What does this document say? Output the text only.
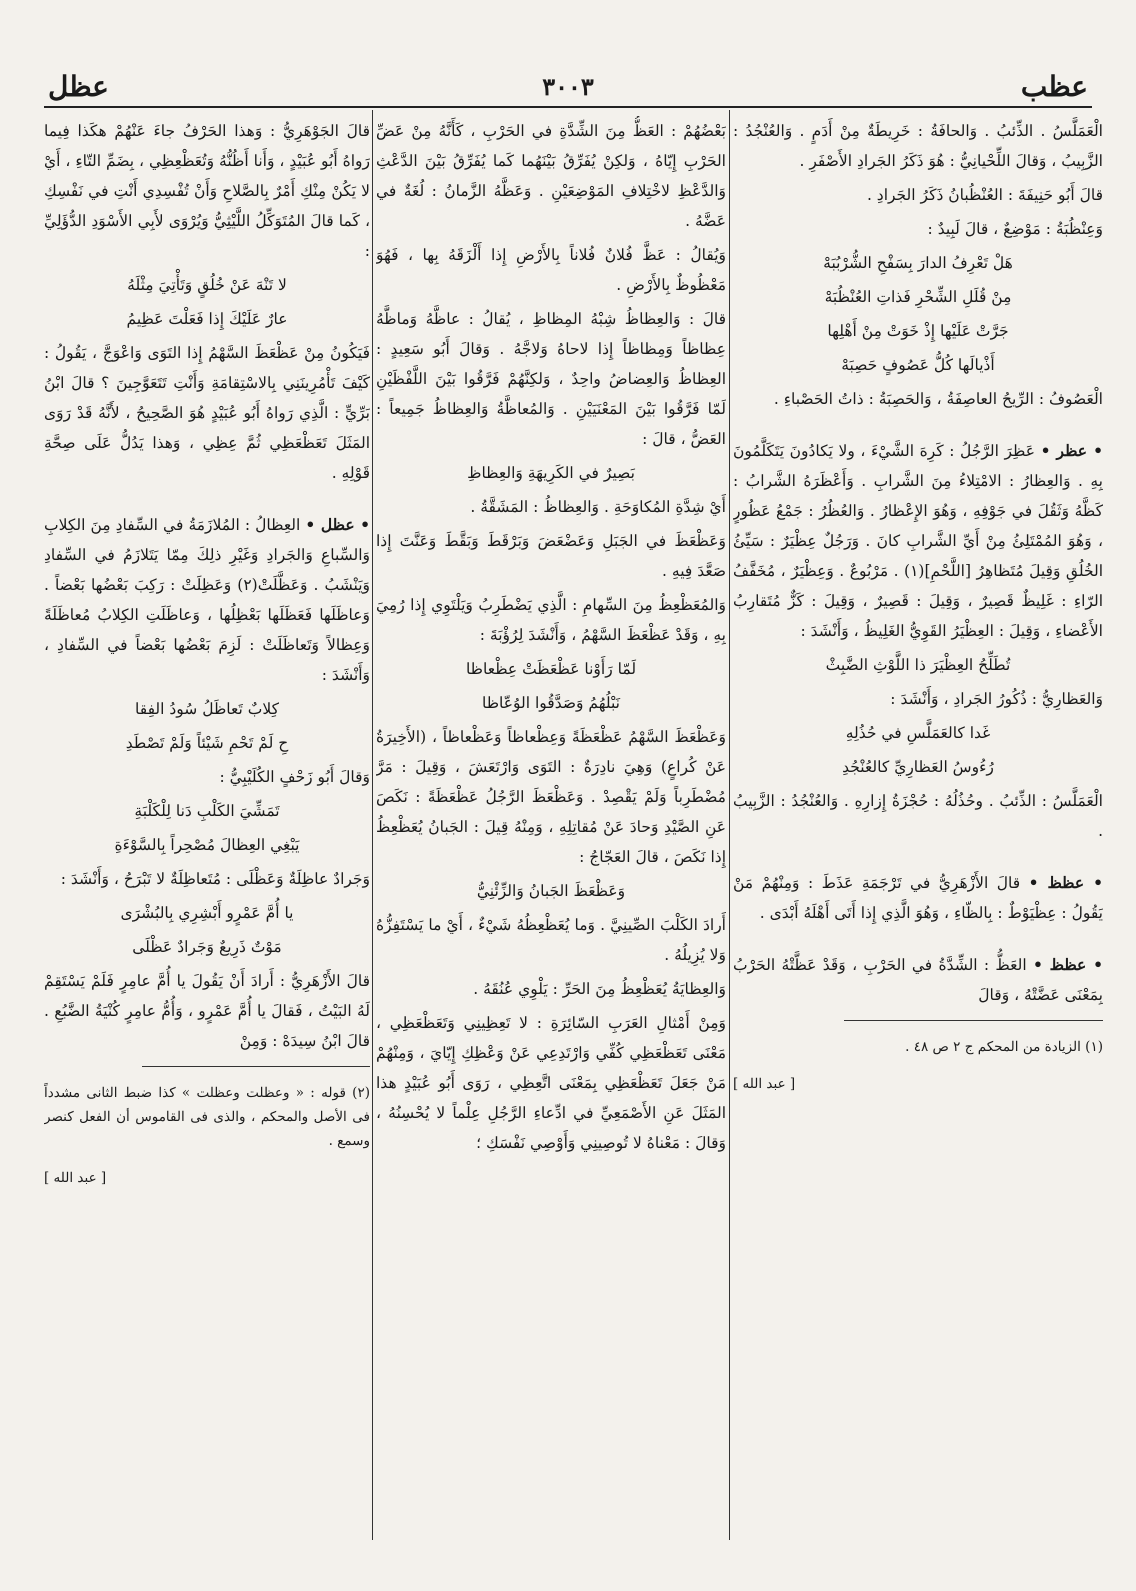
عظب
٣٠٠٣
عظل

الْعَمَلَّسُ . الذِّئبُ . وَالحافَةُ : خَرِيطَةٌ مِنْ أَدَمٍ . وَالعُنْجُدُ : الزَّبِيبُ ، وَقالَ اللِّحْيانِيُّ : هُوَ ذَكَرُ الجَرادِ الأَصْفَرِ .

قالَ أَبُو حَنِيفَةَ : العُنْظُبانُ ذَكَرُ الجَرادِ .

وَعِنْظُبَةُ : مَوْضِعٌ ، قالَ لَبِيدٌ :

هَلْ تَعْرِفُ الدارَ بِسَفْحِ الشُّرْبُبَهْ

مِنْ قُلَلِ الشِّحْرِ فَذاتِ العُنْظُبَهْ

جَرَّتْ عَلَيْها إِذْ خَوَتْ مِنْ أَهْلِها

أَذْيالَها كُلُّ عَصُوفٍ حَصِبَهْ

الْعَصُوفُ : الرِّيحُ العاصِفَةُ ، وَالحَصِبَةُ : ذاتُ الحَصْباءِ .

• عظر • عَظِرَ الرَّجُلُ : كَرِهَ الشَّيْءَ ، ولا يَكادُونَ يَتَكَلَّمُونَ بِهِ . وَالعِظارُ : الامْتِلاءُ مِنَ الشَّرابِ . وَأَعْظَرَهُ الشَّرابُ : كَظَّهُ وَثَقُلَ في جَوْفِهِ ، وَهُوَ الإِعْظارُ . وَالعُظُرُ : جَمْعُ عَظُورٍ ، وَهُوَ المُمْتَلِئُ مِنْ أَيِّ الشَّرابِ كانَ . وَرَجُلٌ عِظْيَرٌ : سَيِّئُ الخُلُقِ وَقِيلَ مُتَظاهِرُ [اللَّحْمِ](١) . مَرْبُوعٌ . وَعِظْيَرٌ ، مُخَفَّفُ الرّاءِ : غَلِيظٌ قَصِيرٌ ، وَقِيلَ : قَصِيرٌ ، وَقِيلَ : كَزٌّ مُتَقارِبُ الأَعْضاءِ ، وَقِيلَ : العِظْيَرُ القَوِيُّ الغَلِيظُ ، وَأَنْشَدَ :

تُطَلِّحُ العِظْيَرَ ذا اللَّوْثِ الضَّبِثْ

وَالعَظارِيُّ : ذُكُورُ الجَرادِ ، وَأَنْشَدَ :

غَدا كالعَمَلَّسِ في حُذُلِهِ

رُءُوسُ العَظارِيِّ كالعُنْجُدِ

الْعَمَلَّسُ : الذِّئبُ . وحُذُلُهُ : حُجْزَةُ إِزارِهِ . وَالعُنْجُدُ : الزَّبِيبُ .

• عظظ • قالَ الأَزْهَرِيُّ في تَرْجَمَةِ عَذَطَ : وَمِنْهُمْ مَنْ يَقُولُ : عِظْيَوْطٌ : بِالظّاءِ ، وَهُوَ الَّذِي إِذا أَتَى أَهْلَهُ أَبْدَى .

• عظظ • العَظُّ : الشِّدَّةُ في الحَرْبِ ، وَقَدْ عَظَّتْهُ الحَرْبُ بِمَعْنَى عَضَّتْهُ ، وَقالَ

(١) الزيادة من المحكم ج ٢ ص ٤٨ .

[ عبد الله ]

بَعْضُهُمْ : العَظُّ مِنَ الشِّدَّةِ في الحَرْبِ ، كَأَنَّهُ مِنْ عَضِّ الحَرْبِ إِيّاهُ ، وَلكِنْ يُفَرِّقُ بَيْنَهُما كَما يُفَرِّقُ بَيْنَ الدَّعْثِ وَالدَّعْظِ لاخْتِلافِ المَوْضِعَيْنِ . وَعَظَّهُ الزَّمانُ : لُغَةٌ في عَضَّهُ .

وَيُقالُ : عَظَّ فُلانٌ فُلاناً بِالأَرْضِ إِذا أَلْزَقَهُ بِها ، فَهُوَ مَعْظُوظٌ بِالأَرْضِ .

قالَ : وَالعِظاظُ شِبْهُ المِظاظِ ، يُقالُ : عاظَّهُ وَماظَّهُ عِظاظاً وَمِظاظاً إِذا لاحاهُ وَلاجَّهُ . وَقالَ أَبُو سَعِيدٍ : العِظاظُ وَالعِضاضُ واحِدٌ ، وَلكِنَّهُمْ فَرَّقُوا بَيْنَ اللَّفْظَيْنِ لَمّا فَرَّقُوا بَيْنَ المَعْنَيَيْنِ . وَالمُعاظَّةُ وَالعِظاظُ جَمِيعاً : العَضُّ ، قالَ :

بَصِيرٌ في الكَرِيهَةِ وَالعِظاظِ

أَيْ شِدَّةِ المُكاوَحَةِ . وَالعِظاظُ : المَشَقَّةُ .

وَعَظْعَظَ في الجَبَلِ وَعَضْعَضَ وَبَرْقَطَ وَبَقَّطَ وَعَنَّتَ إِذا صَعَّدَ فِيهِ .

وَالمُعَظْعِظُ مِنَ السِّهامِ : الَّذِي يَضْطَرِبُ وَيَلْتَوِي إِذا رُمِيَ بِهِ ، وَقَدْ عَظْعَظَ السَّهْمُ ، وَأَنْشَدَ لِرُؤْبَةَ :

لَمّا رَأَوْنا عَظْعَظَتْ عِظْعاظا

نَبْلُهُمُ وَصَدَّقُوا الوُعّاظا

وَعَظْعَظَ السَّهْمُ عَظْعَظَةً وَعِظْعاظاً وَعَظْعاظاً ، (الأَخِيرَةُ عَنْ كُراعٍ) وَهِيَ نادِرَةٌ : التَوَى وَارْتَعَشَ ، وَقِيلَ : مَرَّ مُضْطَرِباً وَلَمْ يَقْصِدْ . وَعَظْعَظَ الرَّجُلُ عَظْعَظَةً : نَكَصَ عَنِ الصَّيْدِ وَحادَ عَنْ مُقاتِلِهِ ، وَمِنْهُ قِيلَ : الجَبانُ يُعَظْعِظُ إِذا نَكَصَ ، قالَ العَجّاجُ :

وَعَظْعَظَ الجَبانُ وَالزِّئْنِيُّ

أَرادَ الكَلْبَ الصِّينِيَّ . وَما يُعَظْعِظُهُ شَيْءٌ ، أَيْ ما يَسْتَفِزُّهُ وَلا يُزِيلُهُ .

وَالعِظايَةُ يُعَظْعِظُ مِنَ الحَرِّ : يَلْوِي عُنُقَهُ .

وَمِنْ أَمْثالِ العَرَبِ السّائِرَةِ : لا تَعِظِينِي وَتَعَظْعَظِي ، مَعْنَى تَعَظْعَظِي كُفِّي وَارْتَدِعِي عَنْ وَعْظِكِ إِيّايَ ، وَمِنْهُمْ مَنْ جَعَلَ تَعَظْعَظِي بِمَعْنَى اتَّعِظِي ، رَوَى أَبُو عُبَيْدٍ هذا المَثَلَ عَنِ الأَصْمَعِيِّ في ادِّعاءِ الرَّجُلِ عِلْماً لا يُحْسِنُهُ ، وَقالَ : مَعْناهُ لا تُوصِينِي وَأَوْصِي نَفْسَكِ ؛

قالَ الجَوْهَرِيُّ : وَهذا الحَرْفُ جاءَ عَنْهُمْ هكَذا فِيما رَواهُ أَبُو عُبَيْدٍ ، وَأَنا أَظُنُّهُ وَتُعَظْعِظِي ، بِضَمِّ التّاءِ ، أَيْ لا يَكُنْ مِنْكِ أَمْرٌ بِالصَّلاحِ وَأَنْ تُفْسِدِي أَنْتِ في نَفْسِكِ ، كَما قالَ المُتَوَكِّلُ اللَّيْثِيُّ وَيُرْوَى لأَبِي الأَسْوَدِ الدُّؤَلِيِّ :

لا تَنْهَ عَنْ خُلُقٍ وَتَأْتِيَ مِثْلَهُ

عارٌ عَلَيْكَ إِذا فَعَلْتَ عَظِيمُ

فَيَكُونُ مِنْ عَظْعَظَ السَّهْمُ إِذا التَوَى وَاعْوَجَّ ، يَقُولُ : كَيْفَ تَأْمُرِينَنِي بِالاسْتِقامَةِ وَأَنْتِ تَتَعَوَّجِينَ ؟ قالَ ابْنُ بَرِّيٍّ : الَّذِي رَواهُ أَبُو عُبَيْدٍ هُوَ الصَّحِيحُ ، لأَنَّهُ قَدْ رَوَى المَثَلَ تَعَظْعَظِي ثُمَّ عِظِي ، وَهذا يَدُلُّ عَلَى صِحَّةِ قَوْلِهِ .

• عظل • العِظالُ : المُلازَمَةُ في السِّفادِ مِنَ الكِلابِ وَالسِّباعِ وَالجَرادِ وَغَيْرِ ذلِكَ مِمّا يَتَلازَمُ في السِّفادِ وَيَنْشَبُ . وَعَظَّلَتْ(٢) وَعَظِلَتْ : رَكِبَ بَعْضُها بَعْضاً . وَعاظَلَها فَعَظَلَها بَعْظِلُها ، وَعاظَلَتِ الكِلابُ مُعاظَلَةً وَعِظالاً وَتَعاظَلَتْ : لَزِمَ بَعْضُها بَعْضاً في السِّفادِ ، وَأَنْشَدَ :

كِلابٌ تَعاظَلُ سُودُ الفِقا

حِ لَمْ تَحْمِ شَيْئاً وَلَمْ تَصْطَدِ

وَقالَ أَبُو زَحْفٍ الكُلَيْبِيُّ :

تَمَشِّيَ الكَلْبِ دَنا لِلْكَلْبَةِ

يَبْغِي العِظالَ مُصْحِراً بِالسَّوْءَةِ

وَجَرادٌ عاظِلَةٌ وَعَظْلَى : مُتَعاظِلَةٌ لا تَبْرَحُ ، وَأَنْشَدَ :

يا أُمَّ عَمْرٍو أَبْشِرِي بِالبُشْرَى

مَوْتٌ ذَرِيعٌ وَجَرادٌ عَظْلَى

قالَ الأَزْهَرِيُّ : أَرادَ أَنْ يَقُولَ يا أُمَّ عامِرٍ فَلَمْ يَسْتَقِمْ لَهُ البَيْتُ ، فَقالَ يا أُمَّ عَمْرٍو ، وَأُمُّ عامِرٍ كُنْيَةُ الضَّبُعِ . قالَ ابْنُ سِيدَهْ : وَمِنْ

(٢) قوله : « وعظلت وعظلت » كذا ضبط الثانى مشدداً فى الأصل والمحكم ، والذى فى القاموس أن الفعل كنصر وسمع .

[ عبد الله ]
